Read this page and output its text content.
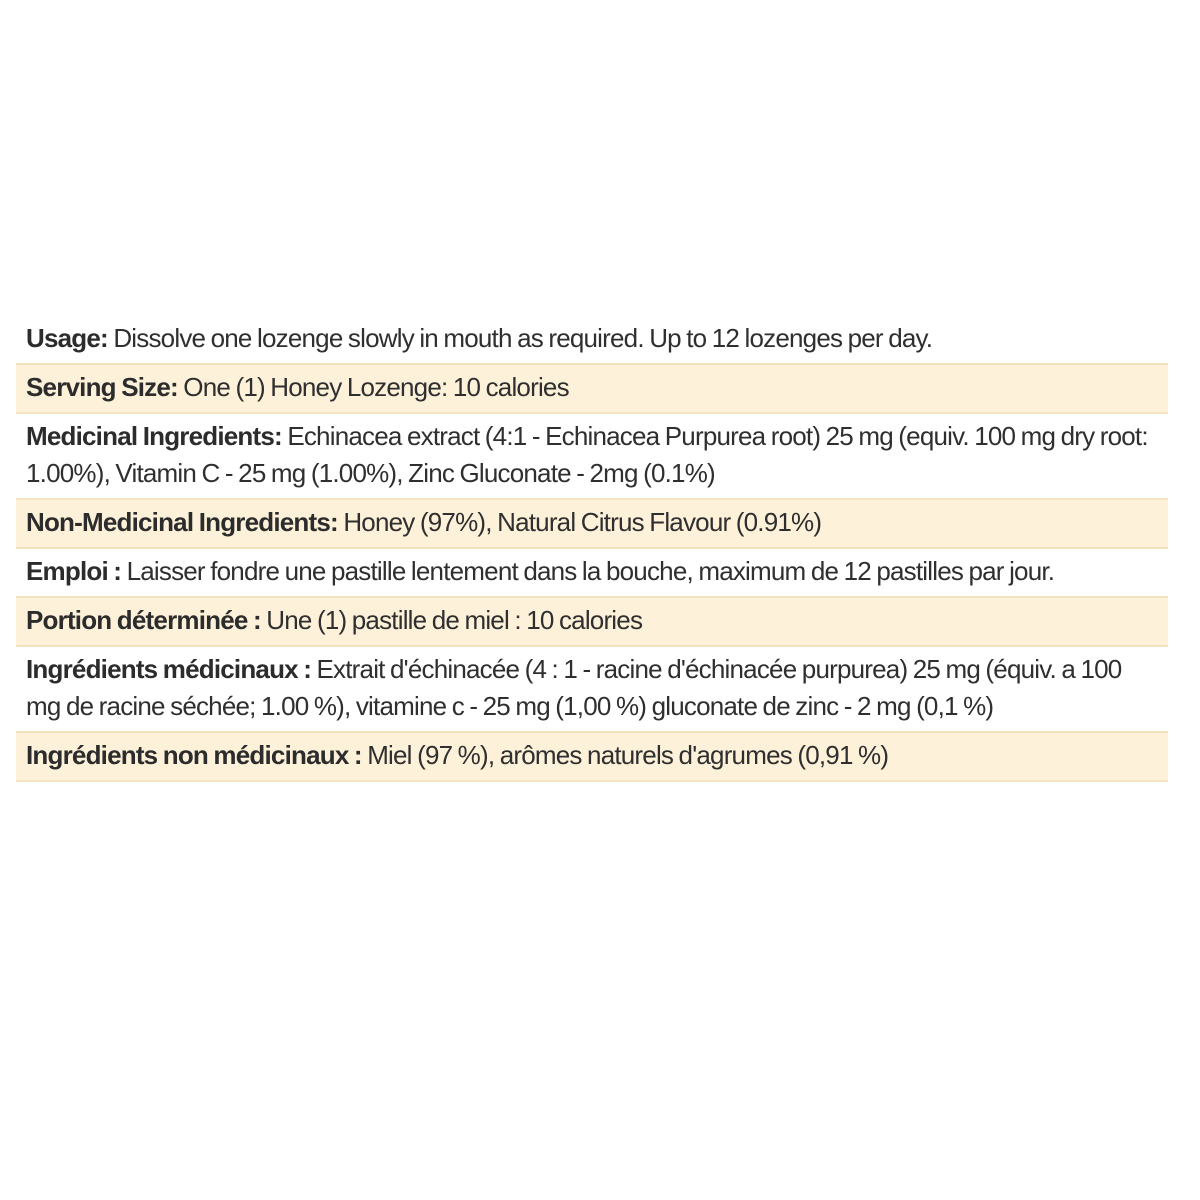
Usage: Dissolve one lozenge slowly in mouth as required. Up to 12 lozenges per day.
Serving Size: One (1) Honey Lozenge: 10 calories
Medicinal Ingredients: Echinacea extract (4:1 - Echinacea Purpurea root) 25 mg (equiv. 100 mg dry root: 1.00%), Vitamin C - 25 mg (1.00%), Zinc Gluconate - 2mg (0.1%)
Non-Medicinal Ingredients: Honey (97%), Natural Citrus Flavour (0.91%)
Emploi : Laisser fondre une pastille lentement dans la bouche, maximum de 12 pastilles par jour.
Portion déterminée : Une (1) pastille de miel : 10 calories
Ingrédients médicinaux : Extrait d'échinacée (4 : 1 - racine d'échinacée purpurea) 25 mg (équiv. a 100 mg de racine séchée; 1.00 %), vitamine c - 25 mg (1,00 %) gluconate de zinc - 2 mg (0,1 %)
Ingrédients non médicinaux : Miel (97 %), arômes naturels d'agrumes (0,91 %)
